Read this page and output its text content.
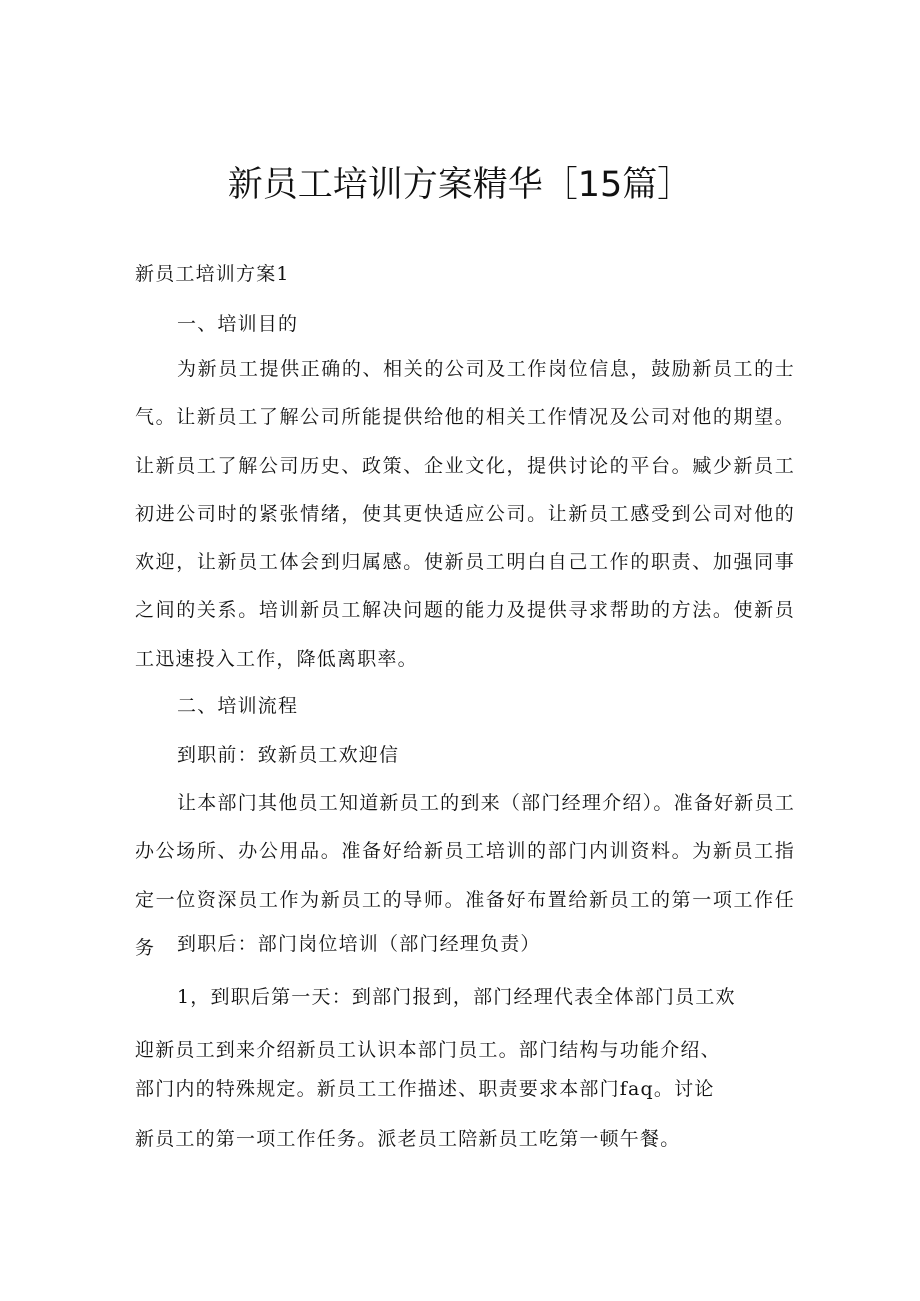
新员工培训方案精华［15篇］
新员工培训方案1
一、培训目的
为新员工提供正确的、相关的公司及工作岗位信息，鼓励新员工的士气。让新员工了解公司所能提供给他的相关工作情况及公司对他的期望。让新员工了解公司历史、政策、企业文化，提供讨论的平台。臧少新员工初进公司时的紧张情绪，使其更快适应公司。让新员工感受到公司对他的欢迎，让新员工体会到归属感。使新员工明白自己工作的职责、加强同事之间的关系。培训新员工解决问题的能力及提供寻求帮助的方法。使新员工迅速投入工作，降低离职率。
二、培训流程
到职前：致新员工欢迎信
让本部门其他员工知道新员工的到来（部门经理介绍）。准备好新员工办公场所、办公用品。准备好给新员工培训的部门内训资料。为新员工指定一位资深员工作为新员工的导师。准备好布置给新员工的第一项工作任务	到职后：部门岗位培训（部门经理负责）
1，到职后第一天：到部门报到，部门经理代表全体部门员工欢
迎新员工到来介绍新员工认识本部门员工。部门结构与功能介绍、
部门内的特殊规定。新员工工作描述、职责要求本部门faq。讨论
新员工的第一项工作任务。派老员工陪新员工吃第一顿午餐。
